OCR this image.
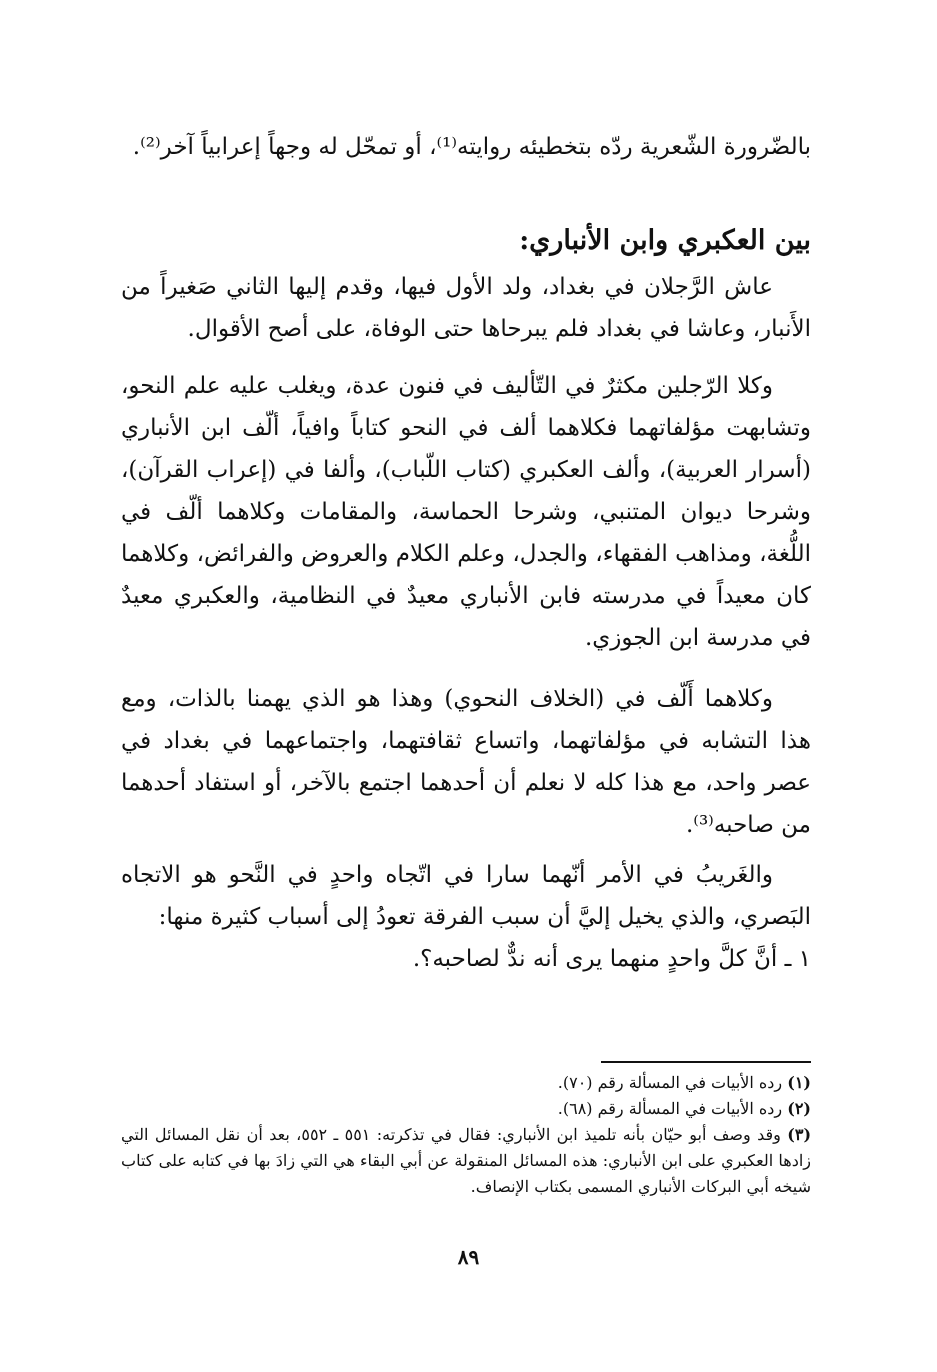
بالضّرورة الشّعرية ردّه بتخطيئه روايته⁽¹⁾، أو تمحّل له وجهاً إعرابياً آخر⁽²⁾.

بين العكبري وابن الأنباري:

عاش الرَّجلان في بغداد، ولد الأول فيها، وقدم إليها الثاني صَغيراً من الأَنبار، وعاشا في بغداد فلم يبرحاها حتى الوفاة، على أصح الأقوال.

وكلا الرّجلين مكثرٌ في التّأليف في فنون عدة، ويغلب عليه علم النحو، وتشابهت مؤلفاتهما فكلاهما ألف في النحو كتاباً وافياً، ألّف ابن الأنباري (أسرار العربية)، وألف العكبري (كتاب اللّباب)، وألفا في (إعراب القرآن)، وشرحا ديوان المتنبي، وشرحا الحماسة، والمقامات وكلاهما ألّف في اللُّغة، ومذاهب الفقهاء، والجدل، وعلم الكلام والعروض والفرائض، وكلاهما كان معيداً في مدرسته فابن الأنباري معيدٌ في النظامية، والعكبري معيدٌ في مدرسة ابن الجوزي.

وكلاهما أَلّف في (الخلاف النحوي) وهذا هو الذي يهمنا بالذات، ومع هذا التشابه في مؤلفاتهما، واتساع ثقافتهما، واجتماعهما في بغداد في عصر واحد، مع هذا كله لا نعلم أن أحدهما اجتمع بالآخر، أو استفاد أحدهما من صاحبه⁽³⁾.

والغَريبُ في الأمر أنّهما سارا في اتّجاه واحدٍ في النَّحو هو الاتجاه البَصري، والذي يخيل إليَّ أن سبب الفرقة تعودُ إلى أسباب كثيرة منها:

١ ـ أنَّ كلَّ واحدٍ منهما يرى أنه ندٌّ لصاحبه؟.

(١) رده الأبيات في المسألة رقم (٧٠).
(٢) رده الأبيات في المسألة رقم (٦٨).
(٣) وقد وصف أبو حيّان بأنه تلميذ ابن الأنباري: فقال في تذكرته: ٥٥١ ـ ٥٥٢، بعد أن نقل المسائل التي زادها العكبري على ابن الأنباري: هذه المسائل المنقولة عن أبي البقاء هي التي زادَ بها في كتابه على كتاب شيخه أبي البركات الأنباري المسمى بكتاب الإنصاف.

٨٩
